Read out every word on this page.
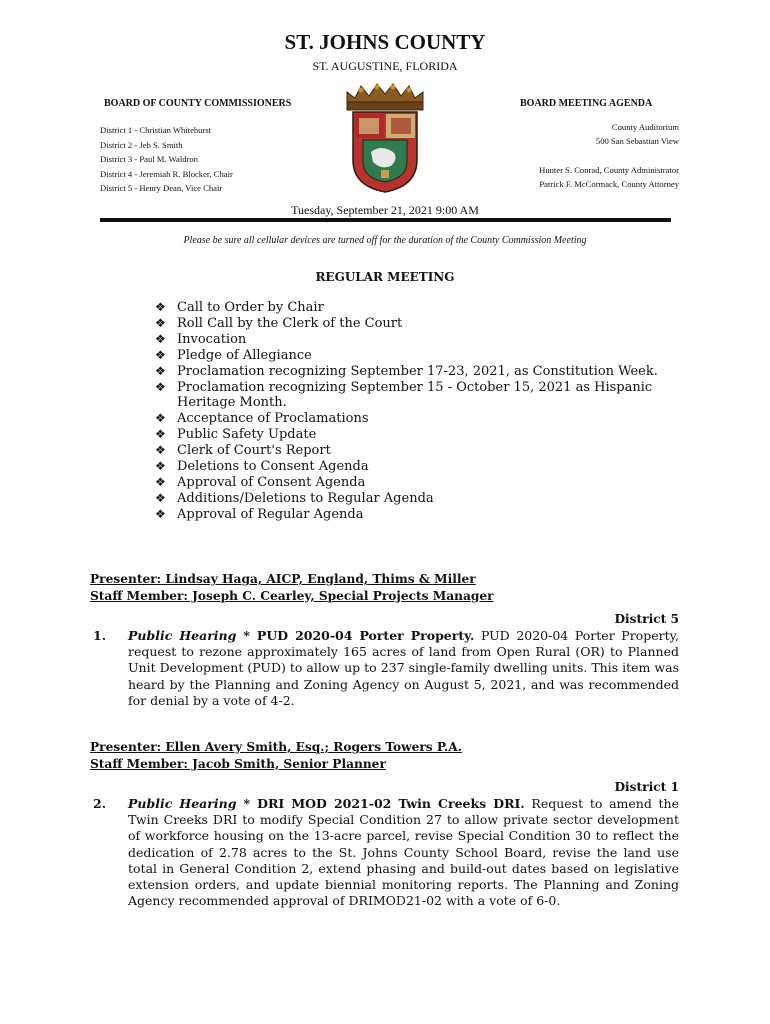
ST. JOHNS COUNTY
ST. AUGUSTINE, FLORIDA
BOARD OF COUNTY COMMISSIONERS	BOARD MEETING AGENDA
District 1 - Christian Whitehurst
District 2 - Jeb S. Smith
District 3 - Paul M. Waldron
District 4 - Jeremiah R. Blocker, Chair
District 5 - Henry Dean, Vice Chair
County Auditorium
500 San Sebastian View
Hunter S. Conrad, County Administrator
Patrick F. McCormack, County Attorney
Tuesday, September 21, 2021 9:00 AM
Please be sure all cellular devices are turned off for the duration of the County Commission Meeting
REGULAR MEETING
❖ Call to Order by Chair
❖ Roll Call by the Clerk of the Court
❖ Invocation
❖ Pledge of Allegiance
❖ Proclamation recognizing September 17-23, 2021, as Constitution Week.
❖ Proclamation recognizing September 15 - October 15, 2021 as Hispanic Heritage Month.
❖ Acceptance of Proclamations
❖ Public Safety Update
❖ Clerk of Court's Report
❖ Deletions to Consent Agenda
❖ Approval of Consent Agenda
❖ Additions/Deletions to Regular Agenda
❖ Approval of Regular Agenda
Presenter: Lindsay Haga, AICP, England, Thims & Miller
Staff Member: Joseph C. Cearley, Special Projects Manager
District 5
1. Public Hearing * PUD 2020-04 Porter Property. PUD 2020-04 Porter Property, request to rezone approximately 165 acres of land from Open Rural (OR) to Planned Unit Development (PUD) to allow up to 237 single-family dwelling units. This item was heard by the Planning and Zoning Agency on August 5, 2021, and was recommended for denial by a vote of 4-2.
Presenter: Ellen Avery Smith, Esq.; Rogers Towers P.A.
Staff Member: Jacob Smith, Senior Planner
District 1
2. Public Hearing * DRI MOD 2021-02 Twin Creeks DRI. Request to amend the Twin Creeks DRI to modify Special Condition 27 to allow private sector development of workforce housing on the 13-acre parcel, revise Special Condition 30 to reflect the dedication of 2.78 acres to the St. Johns County School Board, revise the land use total in General Condition 2, extend phasing and build-out dates based on legislative extension orders, and update biennial monitoring reports. The Planning and Zoning Agency recommended approval of DRIMOD21-02 with a vote of 6-0.
